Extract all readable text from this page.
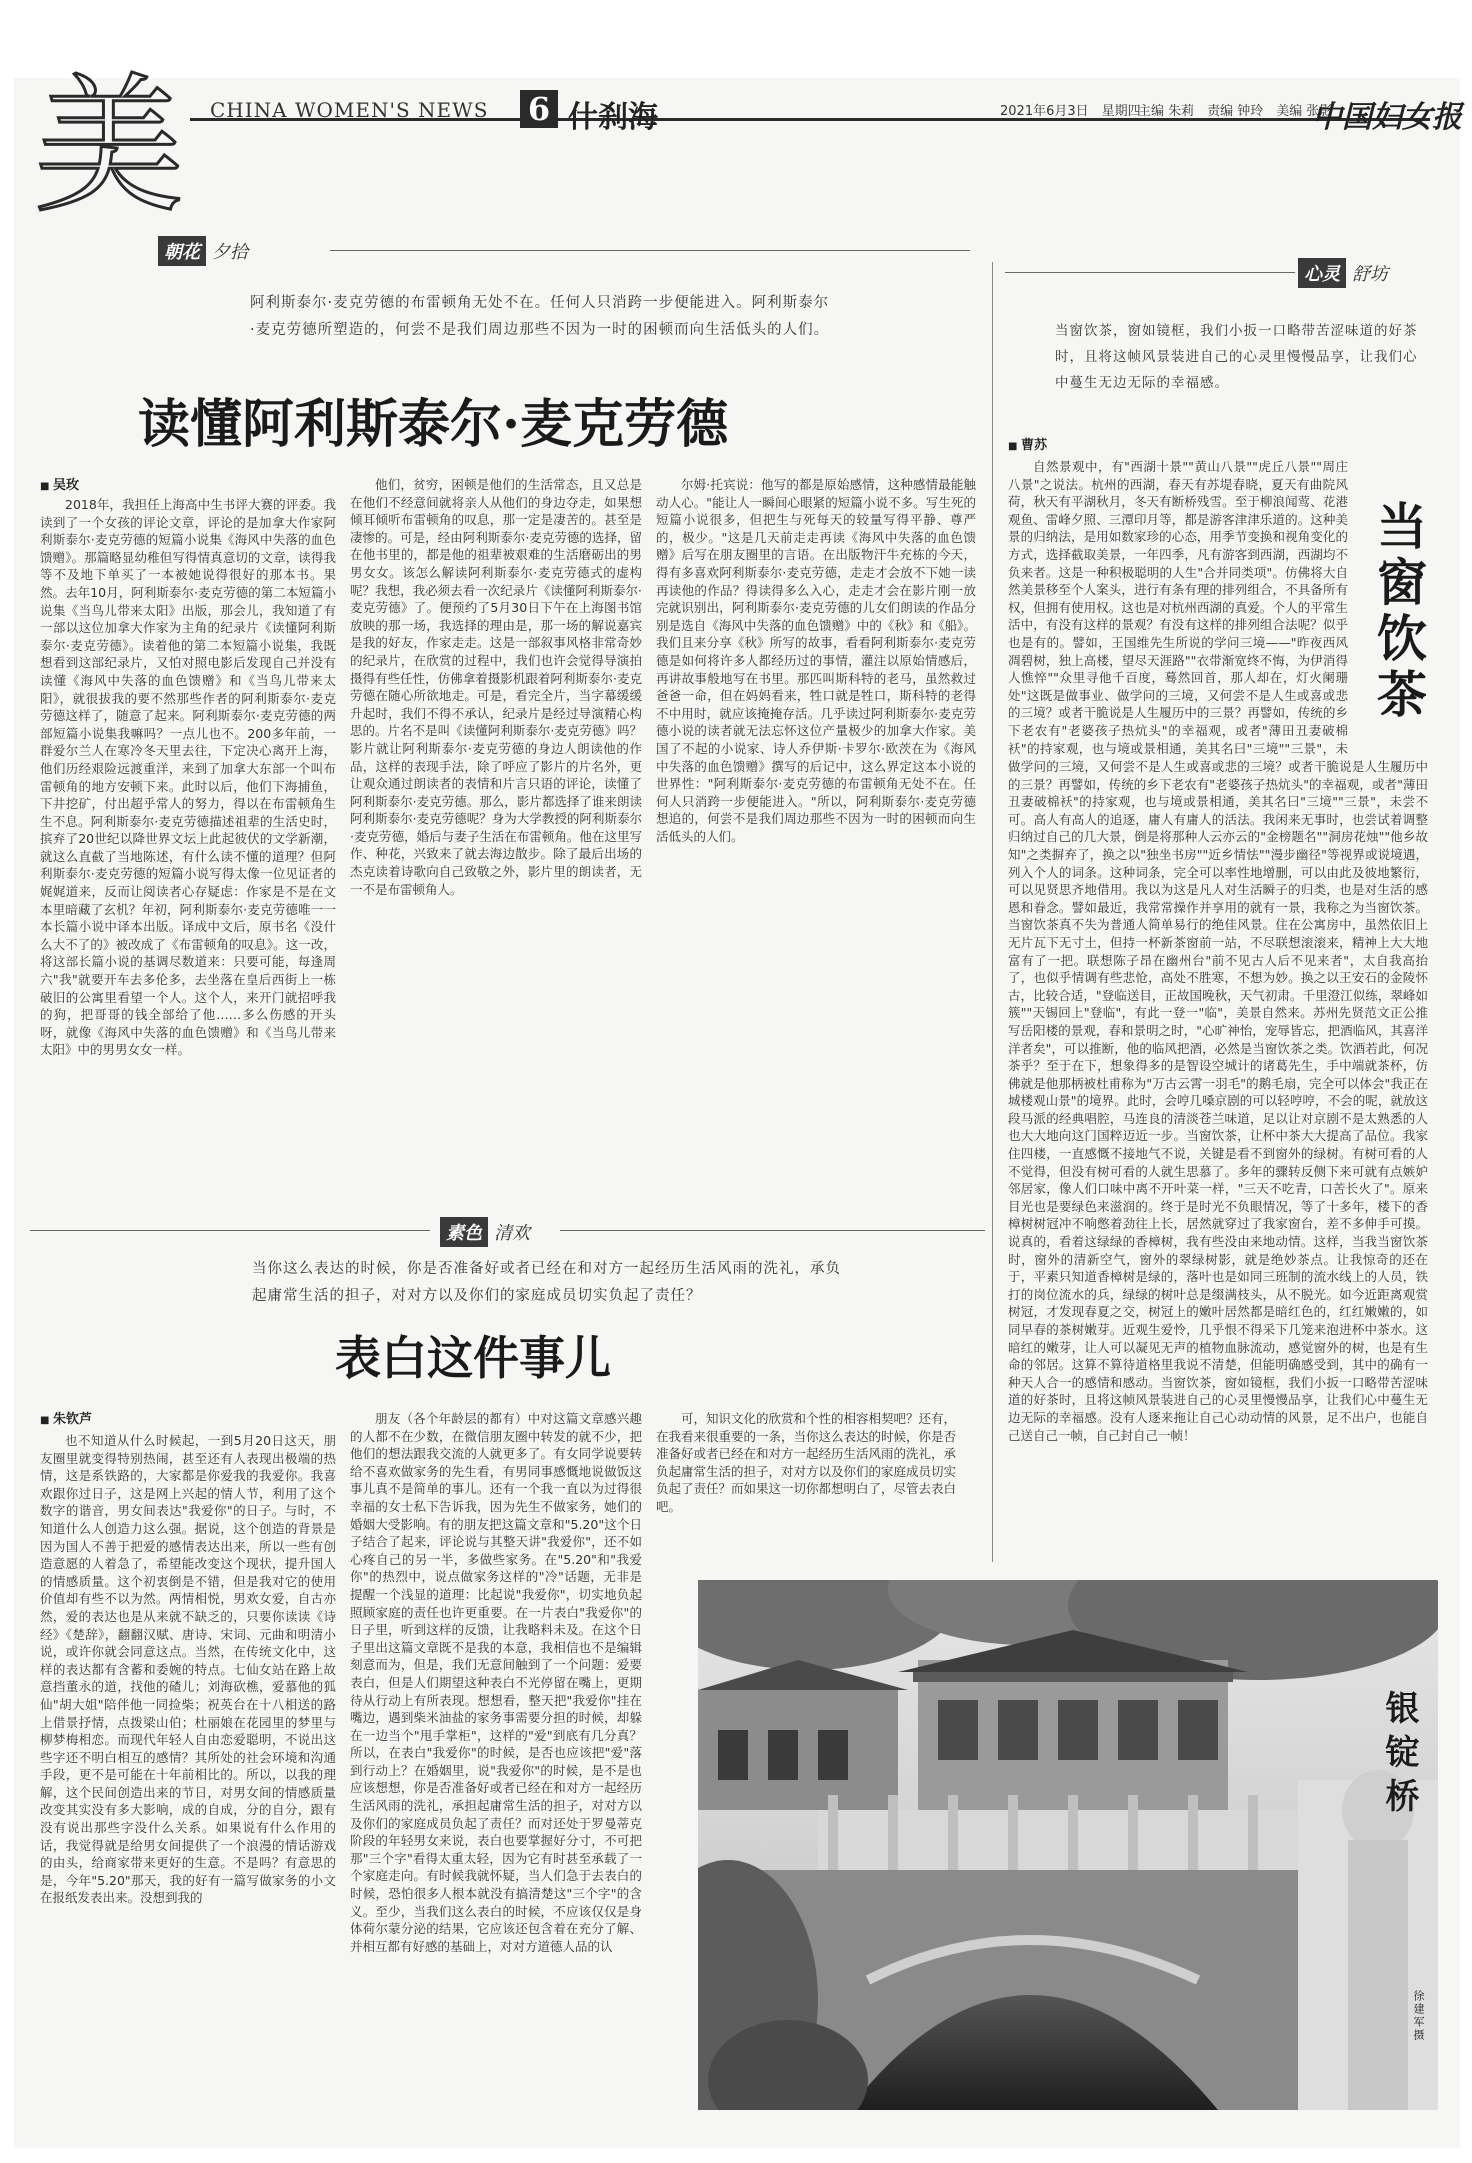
美 CHINA WOMEN'S NEWS 6 什刹海	2021年6月3日　星期四
主编 朱莉　责编 钟玲　美编 张影
中国妇女报
朝花 夕拾
心灵 舒坊
素色 清欢
阿利斯泰尔·麦克劳德的布雷顿角无处不在。任何人只消跨一步便能进入。阿利斯泰尔·麦克劳德所塑造的，何尝不是我们周边那些不因为一时的困顿而向生活低头的人们。
读懂阿利斯泰尔·麦克劳德
■ 吴玫

2018年，我担任上海高中生书评大赛的评委。我读到了一个女孩的评论文章，评论的是加拿大作家阿利斯泰尔·麦克劳德的短篇小说集《海风中失落的血色馈赠》。那篇略显幼稚但写得情真意切的文章，读得我等不及地下单买了一本被她说得很好的那本书。果然。去年10月，阿利斯泰尔·麦克劳德的第二本短篇小说集《当鸟儿带来太阳》出版，那会儿，我知道了有一部以这位加拿大作家为主角的纪录片《读懂阿利斯泰尔·麦克劳德》。读着他的第二本短篇小说集，我既想看到这部纪录片，又怕对照电影后发现自己并没有读懂《海风中失落的血色馈赠》和《当鸟儿带来太阳》，就很拔我的要不然那些作者的阿利斯泰尔·麦克劳德这样了，随意了起来。阿利斯泰尔·麦克劳德的两部短篇小说集我嘛吗？一点儿也不。200多年前，一群爱尔兰人在寒冷冬天里去往，下定决心离开上海，他们历经艰险远渡重洋，来到了加拿大东部一个叫布雷顿角的地方安顿下来。此时以后，他们下海捕鱼，下井挖矿，付出超乎常人的努力，得以在布雷顿角生生不息。阿利斯泰尔·麦克劳德描述祖辈的生活史时，摈弃了20世纪以降世界文坛上此起彼伏的文学新潮，就这么直截了当地陈述，有什么读不懂的道理？但阿利斯泰尔·麦克劳德的短篇小说写得太像一位见证者的娓娓道来，反而让阅读者心存疑虑：作家是不是在文本里暗藏了玄机？年初，阿利斯泰尔·麦克劳德唯一一本长篇小说中译本出版。译成中文后，原书名《没什么大不了的》被改成了《布雷顿角的叹息》。这一改，将这部长篇小说的基调尽数道来：只要可能，每逢周六"我"就要开车去多伦多，去坐落在皇后西街上一栋破旧的公寓里看望一个人。这个人，来开门就招呼我的狗，把哥哥的钱全部给了他……多么伤感的开头呀，就像《海风中失落的血色馈赠》和《当鸟儿带来太阳》中的男男女女一样。

他们，贫穷，困顿是他们的生活常态，且又总是在他们不经意间就将亲人从他们的身边夺走，如果想倾耳倾听布雷顿角的叹息，那一定是凄苦的。甚至是凄惨的。可是，经由阿利斯泰尔·麦克劳德的选择，留在他书里的，都是他的祖辈被艰难的生活磨砺出的男男女女。该怎么解读阿利斯泰尔·麦克劳德式的虚构呢？我想，我必须去看一次纪录片《读懂阿利斯泰尔·麦克劳德》了。便预约了5月30日下午在上海图书馆放映的那一场，我选择的理由是，那一场的解说嘉宾是我的好友，作家走走。这是一部叙事风格非常奇妙的纪录片，在欣赏的过程中，我们也许会觉得导演拍摄得有些任性，仿佛拿着摄影机跟着阿利斯泰尔·麦克劳德在随心所欲地走。可是，看完全片，当字幕缓缓升起时，我们不得不承认，纪录片是经过导演精心构思的。片名不是叫《读懂阿利斯泰尔·麦克劳德》吗？影片就让阿利斯泰尔·麦克劳德的身边人朗读他的作品，这样的表现手法，除了呼应了影片的片名外，更让观众通过朗读者的表情和片言只语的评论，读懂了阿利斯泰尔·麦克劳德。那么，影片都选择了谁来朗读阿利斯泰尔·麦克劳德呢？身为大学教授的阿利斯泰尔·麦克劳德，婚后与妻子生活在布雷顿角。他在这里写作、种花，兴致来了就去海边散步。除了最后出场的杰克读着诗歌向自己致敬之外，影片里的朗读者，无一不是布雷顿角人。

尔姆·托宾说：他写的都是原始感情，这种感情最能触动人心。"能让人一瞬间心眼紧的短篇小说不多。写生死的短篇小说很多，但把生与死每天的较量写得平静、尊严的，极少。"这是几天前走走再读《海风中失落的血色馈赠》后写在朋友圈里的言语。在出版物汗牛充栋的今天，得有多喜欢阿利斯泰尔·麦克劳德，走走才会放不下她一读再读他的作品？得读得多么入心，走走才会在影片刚一放完就识别出，阿利斯泰尔·麦克劳德的儿女们朗读的作品分别是选自《海风中失落的血色馈赠》中的《秋》和《船》。我们且来分享《秋》所写的故事，看看阿利斯泰尔·麦克劳德是如何将许多人都经历过的事情，灌注以原始情感后，再讲故事般地写在书里。那匹叫斯科特的老马，虽然救过爸爸一命，但在妈妈看来，牲口就是牲口，斯科特的老得不中用时，就应该掩掩存活。几乎读过阿利斯泰尔·麦克劳德小说的读者就无法忘怀这位产量极少的加拿大作家。美国了不起的小说家、诗人乔伊斯·卡罗尔·欧茨在为《海风中失落的血色馈赠》撰写的后记中，这么界定这本小说的世界性："阿利斯泰尔·麦克劳德的布雷顿角无处不在。任何人只消跨一步便能进入。"所以，阿利斯泰尔·麦克劳德想追的，何尝不是我们周边那些不因为一时的困顿而向生活低头的人们。

当你这么表达的时候，你是否准备好或者已经在和对方一起经历生活风雨的洗礼，承负起庸常生活的担子，对对方以及你们的家庭成员切实负起了责任？
表白这件事儿
■ 朱钦芦

也不知道从什么时候起，一到5月20日这天，朋友圈里就变得特别热闹，甚至还有人表现出极端的热情，这是系铁路的，大家都是你爱我的我爱你。我喜欢跟你过日子，这是网上兴起的情人节，利用了这个数字的谐音，男女间表达"我爱你"的日子。与时，不知道什么人创造力这么强。据说，这个创造的背景是因为国人不善于把爱的感情表达出来，所以一些有创造意愿的人着急了，希望能改变这个现状，提升国人的情感质量。这个初衷倒是不错，但是我对它的使用价值却有些不以为然。两情相悦，男欢女爱，自古亦然，爱的表达也是从来就不缺乏的，只要你读读《诗经》《楚辞》，翻翻汉赋、唐诗、宋词、元曲和明清小说，或许你就会同意这点。当然，在传统文化中，这样的表达都有含蓄和委婉的特点。七仙女站在路上故意挡董永的道，找他的碴儿；刘海砍樵，爱慕他的狐仙"胡大姐"陪伴他一同捡柴；祝英台在十八相送的路上借景抒情，点拨梁山伯；杜丽娘在花园里的梦里与柳梦梅相恋。而现代年轻人自由恋爱聪明，不说出这些字还不明白相互的感情？其所处的社会环境和沟通手段，更不是可能在十年前相比的。所以，以我的理解，这个民间创造出来的节日，对男女间的情感质量改变其实没有多大影响，成的自成，分的自分，跟有没有说出那些字没什么关系。如果说有什么作用的话，我觉得就是给男女间提供了一个浪漫的情话游戏的由头，给商家带来更好的生意。不是吗？有意思的是，今年"5.20"那天，我的好有一篇写做家务的小文在报纸发表出来。没想到我的

朋友（各个年龄层的都有）中对这篇文章感兴趣的人都不在少数，在微信朋友圈中转发的就不少，把他们的想法跟我交流的人就更多了。有女同学说要转给不喜欢做家务的先生看，有男同事感慨地说做饭这事儿真不是简单的事儿。还有一个我一直以为过得很幸福的女士私下告诉我，因为先生不做家务，她们的婚姻大受影响。有的朋友把这篇文章和"5.20"这个日子结合了起来，评论说与其整天讲"我爱你"，还不如心疼自己的另一半，多做些家务。在"5.20"和"我爱你"的热烈中，说点做家务这样的"冷"话题，无非是提醒一个浅显的道理：比起说"我爱你"，切实地负起照顾家庭的责任也许更重要。在一片表白"我爱你"的日子里，听到这样的反馈，让我略料未及。在这个日子里出这篇文章既不是我的本意，我相信也不是编辑刻意而为，但是，我们无意间触到了一个问题：爱要表白，但是人们期望这种表白不光停留在嘴上，更期待从行动上有所表现。想想看，整天把"我爱你"挂在嘴边，遇到柴米油盐的家务事需要分担的时候，却躲在一边当个"甩手掌柜"，这样的"爱"到底有几分真？所以，在表白"我爱你"的时候，是否也应该把"爱"落到行动上？在婚姻里，说"我爱你"的时候，是不是也应该想想，你是否准备好或者已经在和对方一起经历生活风雨的洗礼，承担起庸常生活的担子，对对方以及你们的家庭成员负起了责任？而对还处于罗曼蒂克阶段的年轻男女来说，表白也要掌握好分寸，不可把那"三个字"看得太重太轻，因为它有时甚至承载了一个家庭走向。有时候我就怀疑，当人们急于去表白的时候，恐怕很多人根本就没有搞清楚这"三个字"的含义。至少，当我们这么表白的时候，不应该仅仅是身体荷尔蒙分泌的结果，它应该还包含着在充分了解、并相互都有好感的基础上，对对方道德人品的认

可，知识文化的欣赏和个性的相容相契吧？还有，在我看来很重要的一条，当你这么表达的时候，你是否准备好或者已经在和对方一起经历生活风雨的洗礼，承负起庸常生活的担子，对对方以及你们的家庭成员切实负起了责任？而如果这一切你都想明白了，尽管去表白吧。

当窗饮茶，窗如镜框，我们小扳一口略带苦涩味道的好茶时，且将这帧风景装进自己的心灵里慢慢品享，让我们心中蔓生无边无际的幸福感。
■ 曹苏
当窗饮茶

自然景观中，有"西湖十景""黄山八景""虎丘八景""周庄八景"之说法。杭州的西湖，春天有苏堤春晓，夏天有曲院风荷，秋天有平湖秋月，冬天有断桥残雪。至于柳浪闻莺、花港观鱼、雷峰夕照、三潭印月等，都是游客津津乐道的。这种美景的归纳法，是用如数家珍的心态，用季节变换和视角变化的方式，选择截取美景，一年四季，凡有游客到西湖，西湖均不负来者。这是一种积极聪明的人生"合并同类项"。仿佛将大自然美景移至个人案头，进行有条有理的排列组合，不具备所有权，但拥有使用权。这也是对杭州西湖的真爱。个人的平常生活中，有没有这样的景观？有没有这样的排列组合法呢？似乎也是有的。譬如，王国维先生所说的学问三境——"昨夜西风凋碧树，独上高楼，望尽天涯路""衣带渐宽终不悔，为伊消得人憔悴""众里寻他千百度，蓦然回首，那人却在，灯火阑珊处"这既是做事业、做学问的三境，又何尝不是人生或喜或悲的三境？或者干脆说是人生履历中的三景？再譬如，传统的乡下老农有"老婆孩子热炕头"的幸福观，或者"薄田丑妻破棉袄"的持家观，也与境或景相通，美其名曰"三境""三景"，未

做学问的三境，又何尝不是人生或喜或悲的三境？或者干脆说是人生履历中的三景？再譬如，传统的乡下老农有"老婆孩子热炕头"的幸福观，或者"薄田丑妻破棉袄"的持家观，也与境或景相通，美其名曰"三境""三景"，未尝不可。高人有高人的追逐，庸人有庸人的活法。我闲来无事时，也尝试着调整归纳过自己的几大景，倒是将那种人云亦云的"金榜题名""洞房花烛""他乡故知"之类摒弃了，换之以"独坐书房""近乡情怯""漫步幽径"等视界或说境遇，列入个人的词条。这种词条，完全可以率性地增删，可以由此及彼地繁衍，可以见贤思齐地借用。我以为这是凡人对生活瞬子的归类，也是对生活的感恩和眷念。譬如最近，我常常操作并享用的就有一景，我称之为当窗饮茶。当窗饮茶真不失为普通人简单易行的绝佳风景。住在公寓房中，虽然依旧上无片瓦下无寸土，但持一杯新茶窗前一站，不尽联想滚滚来，精神上大大地富有了一把。联想陈子昂在幽州台"前不见古人后不见来者"，太自我高抬了，也似乎情调有些悲怆，高处不胜寒，不想为妙。换之以王安石的金陵怀古，比较合适，"登临送目，正故国晚秋，天气初肃。千里澄江似练，翠峰如簇""天锡回上"登临"，有此一登一"临"，美景自然来。苏州先贤范文正公推写岳阳楼的景观，春和景明之时，"心旷神怡，宠辱皆忘，把酒临风，其喜洋洋者矣"，可以推断，他的临风把酒，必然是当窗饮茶之类。饮酒若此，何况茶乎？至于在下，想象得多的是智设空城计的诸葛先生，手中端就茶杯，仿佛就是他那柄被杜甫称为"万古云霄一羽毛"的鹅毛扇，完全可以体会"我正在城楼观山景"的境界。此时，会哼几嗓京剧的可以轻哼哼，不会的呢，就放这段马派的经典唱腔，马连良的清淡苍兰味道，足以让对京剧不是太熟悉的人也大大地向这门国粹迈近一步。当窗饮茶，让杯中茶大大提高了品位。我家住四楼，一直感慨不接地气不说，关键是看不到窗外的绿树。有树可看的人不觉得，但没有树可看的人就生思慕了。多年的骤转反侧下来可就有点嫉妒邻居家，像人们口味中离不开叶菜一样，"三天不吃青，口苦长火了"。原来目光也是要绿色来滋润的。终于是时光不负眼情况，等了十多年，楼下的香樟树树冠冲不响憋着劲往上长，居然就穿过了我家窗台，差不多伸手可摸。说真的，看着这绿绿的香樟树，我有些没由来地动情。这样，当我当窗饮茶时，窗外的清新空气，窗外的翠绿树影，就是绝妙茶点。让我惊奇的还在于，平素只知道香樟树是绿的，落叶也是如同三班制的流水线上的人员，铁打的岗位流水的兵，绿绿的树叶总是缀满枝头，从不脱光。如今近距离观赏树冠，才发现春夏之交，树冠上的嫩叶居然都是暗红色的，红红嫩嫩的，如同早春的茶树嫩芽。近观生爱怜，几乎恨不得采下几笼来泡进杯中茶水。这暗红的嫩芽，让人可以凝见无声的植物血脉流动，感觉窗外的树，也是有生命的邻居。这算不算待道格里我说不清楚，但能明确感受到，其中的确有一种天人合一的感情和感动。当窗饮茶，窗如镜框，我们小扳一口略带苦涩味道的好茶时，且将这帧风景装进自己的心灵里慢慢品享，让我们心中蔓生无边无际的幸福感。没有人逐来拖让自己心动动情的风景，足不出户，也能自己送自己一帧，自己封自己一帧！

银锭桥
徐建军摄
